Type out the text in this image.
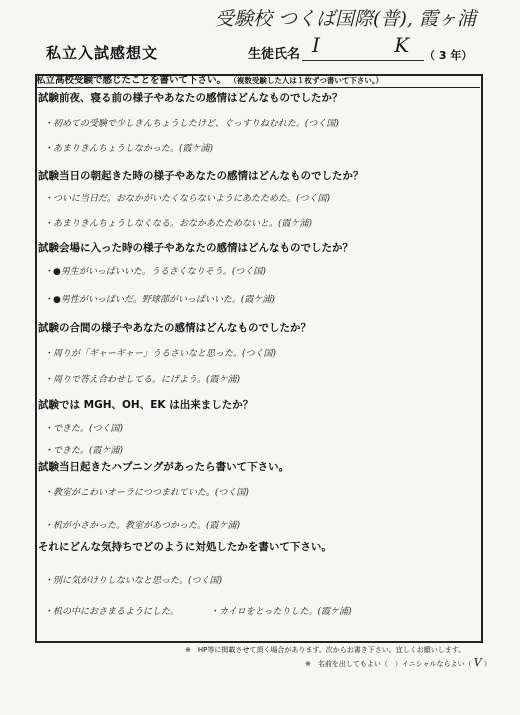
受験校 つくば国際(普), 霞ヶ浦
私立入試感想文	生徒氏名 I K
（ 3 年）
私立高校受験で感じたことを書いて下さい。 （複数受験した人は１枚ずつ書いて下さい。）
試験前夜、寝る前の様子やあなたの感情はどんなものでしたか？
・初めての受験で少しきんちょうしたけど、ぐっすりねむれた。(つく国)
・あまりきんちょうしなかった。(霞ケ浦)
試験当日の朝起きた時の様子やあなたの感情はどんなものでしたか？
・ついに当日だ。おなかがいたくならないようにあたためた。(つく国)
・あまりきんちょうしなくなる。おなかあたためないと。(霞ケ浦)
試験会場に入った時の様子やあなたの感情はどんなものでしたか？
・●男生がいっぱいいた。うるさくなりそう。(つく国)
・●男性がいっぱいだ。野球部がいっぱいいた。(霞ケ浦)
試験の合間の様子やあなたの感情はどんなものでしたか？
・周りが「ギャーギャー」うるさいなと思った。(つく国)
・周りで答え合わせしてる。にげよう。(霞ケ浦)
試験では MGH、OH、EK は出来ましたか？
・できた。(つく国)
・できた。(霞ケ浦)
試験当日起きたハプニングがあったら書いて下さい。
・教室がこわいオーラにつつまれていた。(つく国)
・机が小さかった。教室があつかった。(霞ケ浦)
それにどんな気持ちでどのように対処したかを書いて下さい。
・別に気がけりしないなと思った。(つく国)
・机の中におさまるようにした。	・カイロをとったりした。(霞ケ浦)
※　HP等に掲載させて頂く場合があります。次からお書き下さい。宜しくお願いします。
※　名前を出してもよい（　）イニシャルならよい（ V ）
